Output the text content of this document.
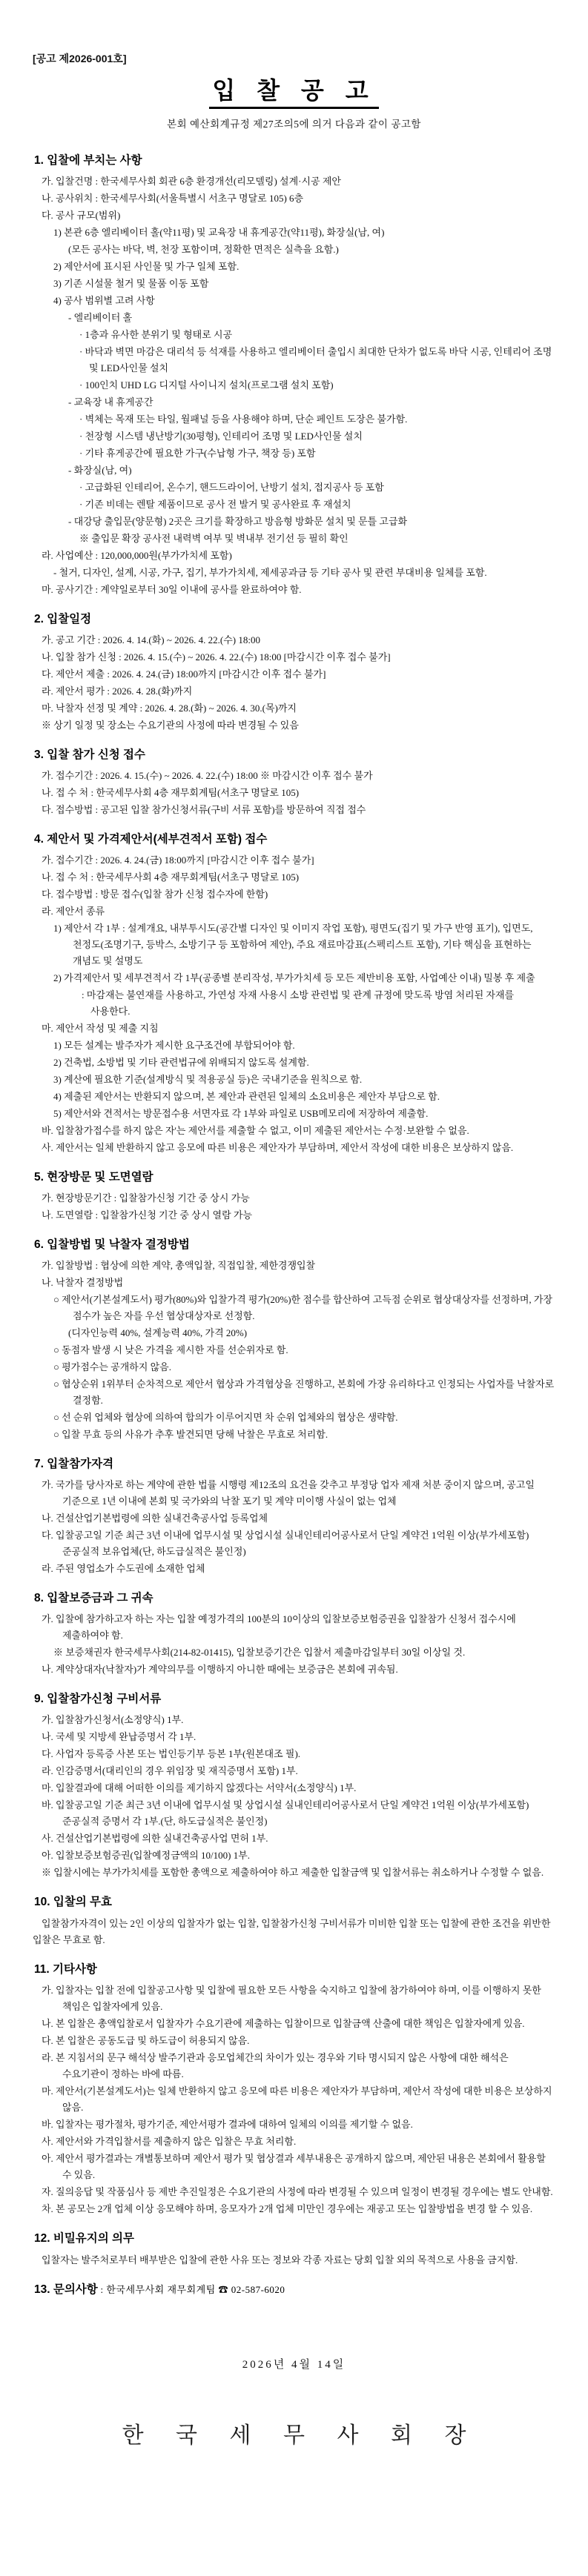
[공고 제2026-001호]
입 찰 공 고
본회 예산회계규정 제27조의5에 의거 다음과 같이 공고함
1. 입찰에 부치는 사항

가. 입찰건명 : 한국세무사회 회관 6층 환경개선(리모델링) 설계·시공 제안

나. 공사위치 : 한국세무사회(서울특별시 서초구 명달로 105) 6층

다. 공사 규모(범위)

1) 본관 6층 엘리베이터 홀(약11평) 및 교육장 내 휴게공간(약11평), 화장실(남, 여)

(모든 공사는 바닥, 벽, 천장 포함이며, 정확한 면적은 실측을 요함.)

2) 제안서에 표시된 사인물 및 가구 일체 포함.

3) 기존 시설물 철거 및 물품 이동 포함

4) 공사 범위별 고려 사항

- 엘리베이터 홀

· 1층과 유사한 분위기 및 형태로 시공

· 바닥과 벽면 마감은 대리석 등 석재를 사용하고 엘리베이터 출입시 최대한 단차가 없도록 바닥 시공, 인테리어 조명 및 LED사인물 설치

· 100인치 UHD LG 디지털 사이니지 설치(프로그램 설치 포함)

- 교육장 내 휴게공간

· 벽체는 목재 또는 타일, 월패널 등을 사용해야 하며, 단순 페인트 도장은 불가함.

· 천장형 시스템 냉난방기(30평형), 인테리어 조명 및 LED사인물 설치

· 기타 휴게공간에 필요한 가구(수납형 가구, 책장 등) 포함

- 화장실(남, 여)

· 고급화된 인테리어, 온수기, 핸드드라이어, 난방기 설치, 접지공사 등 포함

· 기존 비데는 렌탈 제품이므로 공사 전 발거 및 공사완료 후 재설치

- 대강당 출입문(양문형) 2곳은 크기를 확장하고 방음형 방화문 설치 및 문틀 고급화

※ 출입문 확장 공사전 내력벽 여부 및 벽내부 전기선 등 필히 확인

라. 사업예산 : 120,000,000원(부가가치세 포함)

- 철거, 디자인, 설계, 시공, 가구, 집기, 부가가치세, 제세공과금 등 기타 공사 및 관련 부대비용 일체를 포함.

마. 공사기간 : 계약일로부터 30일 이내에 공사를 완료하여야 함.

2. 입찰일정

가. 공고 기간 : 2026. 4. 14.(화) ~ 2026. 4. 22.(수) 18:00

나. 입찰 참가 신청 : 2026. 4. 15.(수) ~ 2026. 4. 22.(수) 18:00 [마감시간 이후 접수 불가]

다. 제안서 제출 : 2026. 4. 24.(금) 18:00까지 [마감시간 이후 접수 불가]

라. 제안서 평가 : 2026. 4. 28.(화)까지

마. 낙찰자 선정 및 계약 : 2026. 4. 28.(화) ~ 2026. 4. 30.(목)까지

※ 상기 일정 및 장소는 수요기관의 사정에 따라 변경될 수 있음

3. 입찰 참가 신청 접수

가. 접수기간 : 2026. 4. 15.(수) ~ 2026. 4. 22.(수) 18:00 ※ 마감시간 이후 접수 불가

나. 접 수 처 : 한국세무사회 4층 재무회계팀(서초구 명달로 105)

다. 접수방법 : 공고된 입찰 참가신청서류(구비 서류 포함)를 방문하여 직접 접수

4. 제안서 및 가격제안서(세부견적서 포함) 접수

가. 접수기간 : 2026. 4. 24.(금) 18:00까지 [마감시간 이후 접수 불가]

나. 접 수 처 : 한국세무사회 4층 재무회계팀(서초구 명달로 105)

다. 접수방법 : 방문 접수(입찰 참가 신청 접수자에 한함)

라. 제안서 종류

1) 제안서 각 1부 : 설계개요, 내부투시도(공간별 디자인 및 이미지 작업 포함), 평면도(집기 및 가구 반영 표기), 입면도, 천정도(조명기구, 등박스, 소방기구 등 포함하여 제안), 주요 재료마감표(스펙리스트 포함), 기타 핵심을 표현하는 개념도 및 설명도

2) 가격제안서 및 세부견적서 각 1부(공종별 분리작성, 부가가치세 등 모든 제반비용 포함, 사업예산 이내) 밀봉 후 제출

: 마감재는 불연재를 사용하고, 가연성 자재 사용시 소방 관련법 및 관계 규정에 맞도록 방염 처리된 자재를 사용한다.

마. 제안서 작성 및 제출 지침

1) 모든 설계는 발주자가 제시한 요구조건에 부합되어야 함.

2) 건축법, 소방법 및 기타 관련법규에 위배되지 않도록 설계함.

3) 계산에 필요한 기준(설계방식 및 적용공실 등)은 국내기준을 원칙으로 함.

4) 제출된 제안서는 반환되지 않으며, 본 제안과 관련된 일체의 소요비용은 제안자 부담으로 함.

5) 제안서와 견적서는 방문접수용 서면자료 각 1부와 파일로 USB메모리에 저장하여 제출함.

바. 입찰참가접수를 하지 않은 자'는 제안서를 제출할 수 없고, 이미 제출된 제안서는 수정·보완할 수 없음.

사. 제안서는 일체 반환하지 않고 응모에 따른 비용은 제안자가 부담하며, 제안서 작성에 대한 비용은 보상하지 않음.

5. 현장방문 및 도면열람

가. 현장방문기간 : 입찰참가신청 기간 중 상시 가능

나. 도면열람 : 입찰참가신청 기간 중 상시 열람 가능

6. 입찰방법 및 낙찰자 결정방법

가. 입찰방법 : 협상에 의한 계약, 총액입찰, 직접입찰, 제한경쟁입찰

나. 낙찰자 결정방법

○ 제안서(기본설계도서) 평가(80%)와 입찰가격 평가(20%)한 점수를 합산하여 고득점 순위로 협상대상자를 선정하며, 가장 점수가 높은 자를 우선 협상대상자로 선정함.

(디자인능력 40%, 설계능력 40%, 가격 20%)

○ 동점자 발생 시 낮은 가격을 제시한 자를 선순위자로 함.

○ 평가점수는 공개하지 않음.

○ 협상순위 1위부터 순차적으로 제안서 협상과 가격협상을 진행하고, 본회에 가장 유리하다고 인정되는 사업자를 낙찰자로 결정함.

○ 선 순위 업체와 협상에 의하여 합의가 이루어지면 차 순위 업체와의 협상은 생략함.

○ 입찰 무효 등의 사유가 추후 발견되면 당해 낙찰은 무효로 처리함.

7. 입찰참가자격

가. 국가를 당사자로 하는 계약에 관한 법률 시행령 제12조의 요건을 갖추고 부정당 업자 제재 처분 중이지 않으며, 공고일 기준으로 1년 이내에 본회 및 국가와의 낙찰 포기 및 계약 미이행 사실이 없는 업체

나. 건설산업기본법령에 의한 실내건축공사업 등록업체

다. 입찰공고일 기준 최근 3년 이내에 업무시설 및 상업시설 실내인테리어공사로서 단일 계약건 1억원 이상(부가세포함) 준공실적 보유업체(단, 하도급실적은 불인정)

라. 주된 영업소가 수도권에 소재한 업체

8. 입찰보증금과 그 귀속

가. 입찰에 참가하고자 하는 자는 입찰 예정가격의 100분의 10이상의 입찰보증보험증권을 입찰참가 신청서 접수시에 제출하여야 함.

※ 보증채권자 한국세무사회(214-82-01415), 입찰보증기간은 입찰서 제출마감일부터 30일 이상일 것.

나. 계약상대자(낙찰자)가 계약의무를 이행하지 아니한 때에는 보증금은 본회에 귀속됨.

9. 입찰참가신청 구비서류

가. 입찰참가신청서(소정양식) 1부.

나. 국세 및 지방세 완납증명서 각 1부.

다. 사업자 등록증 사본 또는 법인등기부 등본 1부(원본대조 필).

라. 인감증명서(대리인의 경우 위임장 및 재직증명서 포함) 1부.

마. 입찰결과에 대해 어떠한 이의를 제기하지 않겠다는 서약서(소정양식) 1부.

바. 입찰공고일 기준 최근 3년 이내에 업무시설 및 상업시설 실내인테리어공사로서 단일 계약건 1억원 이상(부가세포함) 준공실적 증명서 각 1부.(단, 하도급실적은 불인정)

사. 건설산업기본법령에 의한 실내건축공사업 면허 1부.

아. 입찰보증보험증권(입찰예정금액의 10/100) 1부.

※ 입찰시에는 부가가치세를 포함한 총액으로 제출하여야 하고 제출한 입찰금액 및 입찰서류는 취소하거나 수정할 수 없음.

10. 입찰의 무효

입찰참가자격이 있는 2인 이상의 입찰자가 없는 입찰, 입찰참가신청 구비서류가 미비한 입찰 또는 입찰에 관한 조건을 위반한 입찰은 무효로 함.

11. 기타사항

가. 입찰자는 입찰 전에 입찰공고사항 및 입찰에 필요한 모든 사항을 숙지하고 입찰에 참가하여야 하며, 이를 이행하지 못한 책임은 입찰자에게 있음.

나. 본 입찰은 총액입찰로서 입찰자가 수요기관에 제출하는 입찰이므로 입찰금액 산출에 대한 책임은 입찰자에게 있음.

다. 본 입찰은 공동도급 및 하도급이 허용되지 않음.

라. 본 지침서의 문구 해석상 발주기관과 응모업체간의 차이가 있는 경우와 기타 명시되지 않은 사항에 대한 해석은 수요기관이 정하는 바에 따름.

마. 제안서(기본설계도서)는 일체 반환하지 않고 응모에 따른 비용은 제안자가 부담하며, 제안서 작성에 대한 비용은 보상하지 않음.

바. 입찰자는 평가절차, 평가기준, 제안서평가 결과에 대하여 일체의 이의를 제기할 수 없음.

사. 제안서와 가격입찰서를 제출하지 않은 입찰은 무효 처리함.

아. 제안서 평가결과는 개별통보하며 제안서 평가 및 협상결과 세부내용은 공개하지 않으며, 제안된 내용은 본회에서 활용할 수 있음.

자. 질의응답 및 작품심사 등 제반 추진일정은 수요기관의 사정에 따라 변경될 수 있으며 일정이 변경될 경우에는 별도 안내함.

차. 본 공모는 2개 업체 이상 응모해야 하며, 응모자가 2개 업체 미만인 경우에는 재공고 또는 입찰방법을 변경 할 수 있음.

12. 비밀유지의 의무

입찰자는 발주처로부터 배부받은 입찰에 관한 사유 또는 정보와 각종 자료는 당회 입찰 외의 목적으로 사용을 금지함.

13. 문의사항 : 한국세무사회 재무회계팀 ☎ 02-587-6020
2026년 4월 14일
한 국 세 무 사 회 장
